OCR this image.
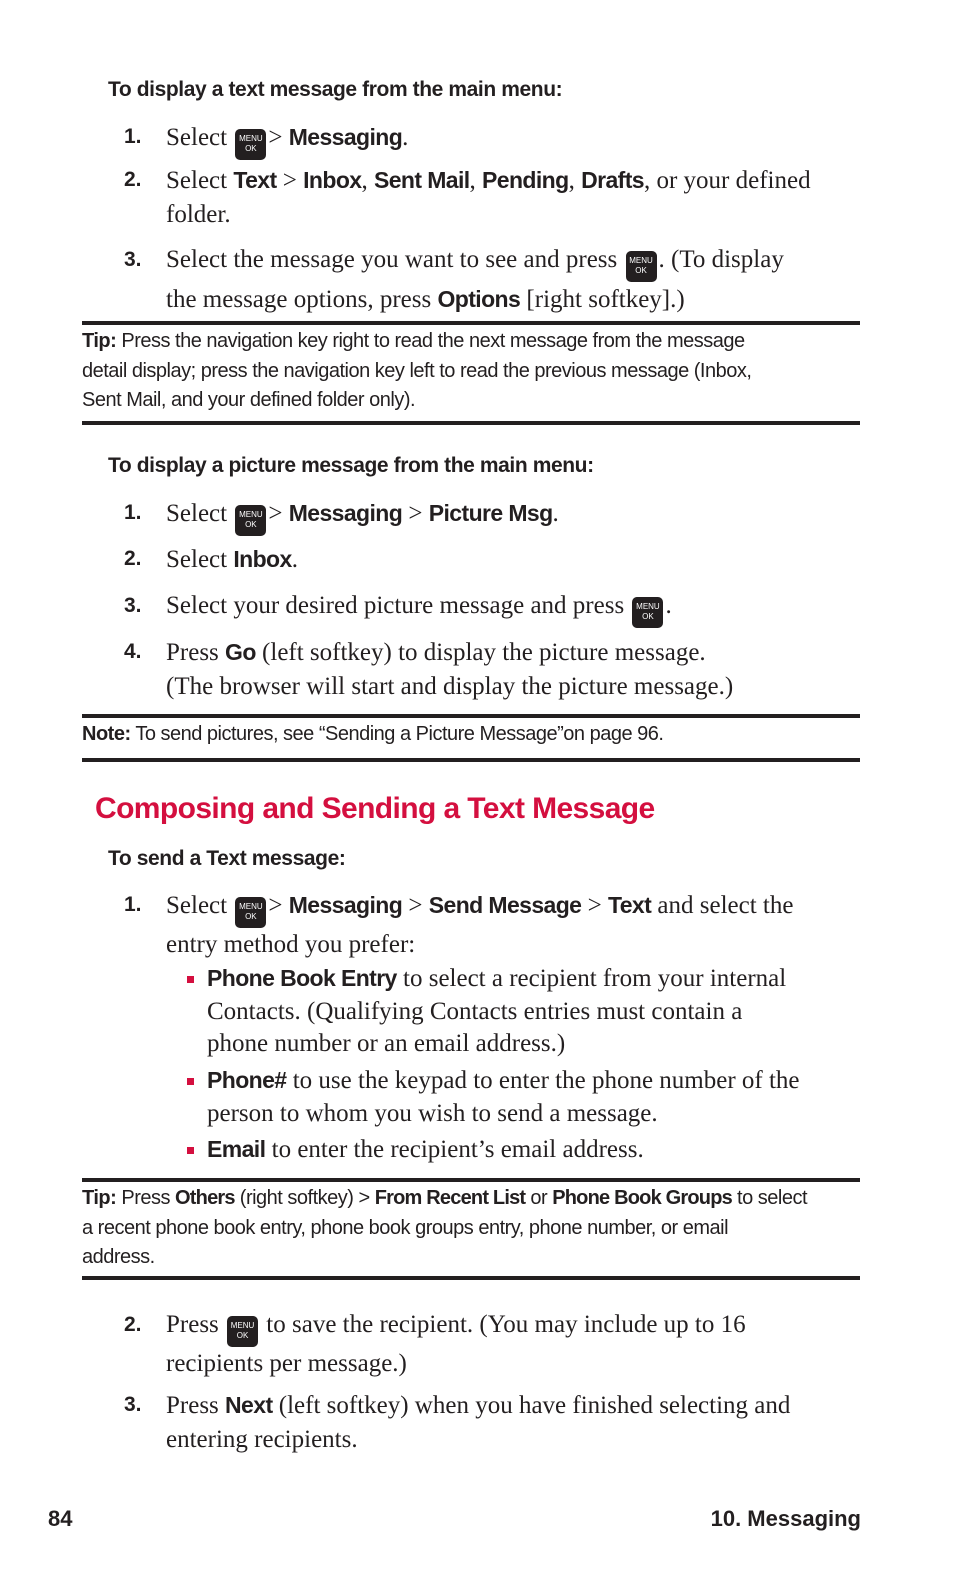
To display a text message from the main menu:
1. Select MENU
OK > Messaging.
2. Select Text > Inbox, Sent Mail, Pending, Drafts, or your defined
folder.
3. Select the message you want to see and press MENU
OK . (To display
the message options, press Options [right softkey].)
Tip: Press the navigation key right to read the next message from the message
detail display; press the navigation key left to read the previous message (Inbox,
Sent Mail, and your defined folder only).
To display a picture message from the main menu:
1. Select MENU
OK > Messaging > Picture Msg.
2. Select Inbox.
3. Select your desired picture message and press MENU
OK .
4. Press Go (left softkey) to display the picture message.
(The browser will start and display the picture message.)
Note: To send pictures, see “Sending a Picture Message”on page 96.
Composing and Sending a Text Message
To send a Text message:
1. Select MENU
OK > Messaging > Send Message > Text and select the
entry method you prefer:
Phone Book Entry to select a recipient from your internal
Contacts. (Qualifying Contacts entries must contain a
phone number or an email address.)
Phone# to use the keypad to enter the phone number of the
person to whom you wish to send a message.
Email to enter the recipient’s email address.
Tip: Press Others (right softkey) > From Recent List or Phone Book Groups to select
a recent phone book entry, phone book groups entry, phone number, or email
address.
2. Press MENU
OK to save the recipient. (You may include up to 16
recipients per message.)
3. Press Next (left softkey) when you have finished selecting and
entering recipients.
84	10. Messaging
